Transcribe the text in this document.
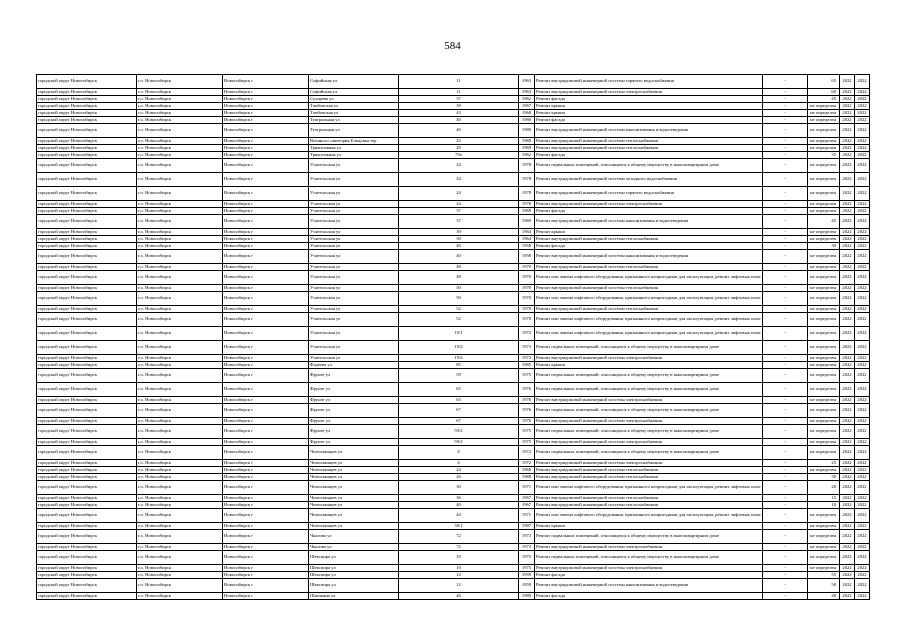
584
городской округ Новосибирск	г.о. Новосибирск	Новосибирск г	Софийская ул	11	1963	Ремонт внутридомовой инженерной системы горячего водоснабжения	-	65	2022	2022
городской округ Новосибирск	г.о. Новосибирск	Новосибирск г	Софийская ул	11	1963	Ремонт внутридомовой инженерной системы электроснабжения	-	60	2022	2022
городской округ Новосибирск	г.о. Новосибирск	Новосибирск г	Сухарева ул	37	1962	Ремонт фасада	-	45	2022	2022
городской округ Новосибирск	г.о. Новосибирск	Новосибирск г	Тамбовская ул	39	1967	Ремонт крыши	-	не определен	2022	2022
городской округ Новосибирск	г.о. Новосибирск	Новосибирск г	Тамбовская ул	43	1968	Ремонт крыши	-	не определен	2022	2022
городской округ Новосибирск	г.о. Новосибирск	Новосибирск г	Театральная ул	40	1980	Ремонт фасада	-	не определен	2022	2022
городской округ Новосибирск	г.о. Новосибирск	Новосибирск г	Театральная ул	40	1980	Ремонт внутридомовой инженерной системы канализования и водоотведения	-	не определен	2022	2022
городской округ Новосибирск	г.о. Новосибирск	Новосибирск г	Военного санатория Ельцовка тер	23	1960	Ремонт внутридомовой инженерной системы теплоснабжения	-	не определен	2022	2022
городской округ Новосибирск	г.о. Новосибирск	Новосибирск г	Трикотажная ул	29	1969	Ремонт внутридомовой инженерной системы теплоснабжения	-	не определен	2022	2022
городской округ Новосибирск	г.о. Новосибирск	Новосибирск г	Трикотажная ул	79а	1962	Ремонт фасада	-	35	2022	2022
городской округ Новосибирск	г.о. Новосибирск	Новосибирск г	Учительская ул	24	1978	Ремонт подвальных помещений, относящихся к общему имуществу в многоквартирном доме	-	не определен	2022	2022
городской округ Новосибирск	г.о. Новосибирск	Новосибирск г	Учительская ул	24	1978	Ремонт внутридомовой инженерной системы холодного водоснабжения	-	не определен	2022	2022
городской округ Новосибирск	г.о. Новосибирск	Новосибирск г	Учительская ул	24	1978	Ремонт внутридомовой инженерной системы горячего водоснабжения	-	не определен	2022	2022
городской округ Новосибирск	г.о. Новосибирск	Новосибирск г	Учительская ул	24	1978	Ремонт внутридомовой инженерной системы электроснабжения	-	не определен	2022	2022
городской округ Новосибирск	г.о. Новосибирск	Новосибирск г	Учительская ул	37	1969	Ремонт фасада	-	не определен	2022	2022
городской округ Новосибирск	г.о. Новосибирск	Новосибирск г	Учительская ул	37	1969	Ремонт внутридомовой инженерной системы канализования и водоотведения	-	45	2022	2022
городской округ Новосибирск	г.о. Новосибирск	Новосибирск г	Учительская ул	39	1964	Ремонт крыши	-	не определен	2022	2022
городской округ Новосибирск	г.о. Новосибирск	Новосибирск г	Учительская ул	39	1964	Ремонт внутридомовой инженерной системы теплоснабжения	-	не определен	2022	2022
городской округ Новосибирск	г.о. Новосибирск	Новосибирск г	Учительская ул	40	1958	Ремонт фасада	-	39	2022	2022
городской округ Новосибирск	г.о. Новосибирск	Новосибирск г	Учительская ул	40	1958	Ремонт внутридомовой инженерной системы канализования и водоотведения	-	не определен	2022	2022
городской округ Новосибирск	г.о. Новосибирск	Новосибирск г	Учительская ул	48	1970	Ремонт внутридомовой инженерной системы теплоснабжения	-	не определен	2022	2022
городской округ Новосибирск	г.о. Новосибирск	Новосибирск г	Учительская ул	48	1970	Ремонт или замена лифтового оборудования, признанного непригодным для эксплуатации, ремонт лифтовых шахт	-	не определен	2022	2022
городской округ Новосибирск	г.о. Новосибирск	Новосибирск г	Учительская ул	50	1970	Ремонт внутридомовой инженерной системы теплоснабжения	-	не определен	2022	2022
городской округ Новосибирск	г.о. Новосибирск	Новосибирск г	Учительская ул	50	1970	Ремонт или замена лифтового оборудования, признанного непригодным для эксплуатации, ремонт лифтовых шахт	-	не определен	2022	2022
городской округ Новосибирск	г.о. Новосибирск	Новосибирск г	Учительская ул	52	1970	Ремонт внутридомовой инженерной системы теплоснабжения	-	не определен	2022	2022
городской округ Новосибирск	г.о. Новосибирск	Новосибирск г	Учительская ул	52	1970	Ремонт или замена лифтового оборудования, признанного непригодным для эксплуатации, ремонт лифтовых шахт	-	не определен	2022	2022
городской округ Новосибирск	г.о. Новосибирск	Новосибирск г	Учительская ул	19/1	1972	Ремонт или замена лифтового оборудования, признанного непригодным для эксплуатации, ремонт лифтовых шахт	-	не определен	2022	2022
городской округ Новосибирск	г.о. Новосибирск	Новосибирск г	Учительская ул	19/2	1973	Ремонт подвальных помещений, относящихся к общему имуществу в многоквартирном доме	-	не определен	2022	2022
городской округ Новосибирск	г.о. Новосибирск	Новосибирск г	Учительская ул	19/2	1973	Ремонт внутридомовой инженерной системы электроснабжения	-	не определен	2022	2022
городской округ Новосибирск	г.о. Новосибирск	Новосибирск г	Фадеева ул	85	1985	Ремонт крыши	-	не определен	2022	2022
городской округ Новосибирск	г.о. Новосибирск	Новосибирск г	Фрунзе ул	59	1975	Ремонт подвальных помещений, относящихся к общему имуществу в многоквартирном доме	-	не определен	2022	2022
городской округ Новосибирск	г.о. Новосибирск	Новосибирск г	Фрунзе ул	65	1976	Ремонт подвальных помещений, относящихся к общему имуществу в многоквартирном доме	-	не определен	2022	2022
городской округ Новосибирск	г.о. Новосибирск	Новосибирск г	Фрунзе ул	65	1976	Ремонт внутридомовой инженерной системы электроснабжения	-	не определен	2022	2022
городской округ Новосибирск	г.о. Новосибирск	Новосибирск г	Фрунзе ул	67	1976	Ремонт подвальных помещений, относящихся к общему имуществу в многоквартирном доме	-	не определен	2022	2022
городской округ Новосибирск	г.о. Новосибирск	Новосибирск г	Фрунзе ул	67	1976	Ремонт внутридомовой инженерной системы электроснабжения	-	не определен	2022	2022
городской округ Новосибирск	г.о. Новосибирск	Новосибирск г	Фрунзе ул	59/2	1975	Ремонт подвальных помещений, относящихся к общему имуществу в многоквартирном доме	-	не определен	2022	2022
городской округ Новосибирск	г.о. Новосибирск	Новосибирск г	Фрунзе ул	59/2	1975	Ремонт внутридомовой инженерной системы электроснабжения	-	не определен	2022	2022
городской округ Новосибирск	г.о. Новосибирск	Новосибирск г	Челюскинцев ул	4	1972	Ремонт подвальных помещений, относящихся к общему имуществу в многоквартирном доме	-	не определен	2022	2022
городской округ Новосибирск	г.о. Новосибирск	Новосибирск г	Челюскинцев ул	4	1972	Ремонт внутридомовой инженерной системы электроснабжения	-	25	2022	2022
городской округ Новосибирск	г.о. Новосибирск	Новосибирск г	Челюскинцев ул	24	1968	Ремонт внутридомовой инженерной системы теплоснабжения	-	не определен	2022	2022
городской округ Новосибирск	г.о. Новосибирск	Новосибирск г	Челюскинцев ул	26	1968	Ремонт внутридомовой инженерной системы теплоснабжения	-	30	2022	2022
городской округ Новосибирск	г.о. Новосибирск	Новосибирск г	Челюскинцев ул	30	1971	Ремонт или замена лифтового оборудования, признанного непригодным для эксплуатации, ремонт лифтовых шахт	-	20	2022	2022
городской округ Новосибирск	г.о. Новосибирск	Новосибирск г	Челюскинцев ул	36	1967	Ремонт внутридомовой инженерной системы теплоснабжения	-	15	2022	2022
городской округ Новосибирск	г.о. Новосибирск	Новосибирск г	Челюскинцев ул	40	1967	Ремонт внутридомовой инженерной системы теплоснабжения	-	10	2022	2022
городской округ Новосибирск	г.о. Новосибирск	Новосибирск г	Челюскинцев ул	44	1971	Ремонт или замена лифтового оборудования, признанного непригодным для эксплуатации, ремонт лифтовых шахт	-	не определен	2022	2022
городской округ Новосибирск	г.о. Новосибирск	Новосибирск г	Челюскинцев ул	30/1	1987	Ремонт крыши	-	не определен	2022	2022
городской округ Новосибирск	г.о. Новосибирск	Новосибирск г	Чкалова ул	72	1973	Ремонт подвальных помещений, относящихся к общему имуществу в многоквартирном доме	-	не определен	2022	2022
городской округ Новосибирск	г.о. Новосибирск	Новосибирск г	Чкалова ул	72	1973	Ремонт внутридомовой инженерной системы электроснабжения	-	не определен	2022	2022
городской округ Новосибирск	г.о. Новосибирск	Новосибирск г	Шекспира ул	10	1975	Ремонт подвальных помещений, относящихся к общему имуществу в многоквартирном доме	-	не определен	2022	2022
городской округ Новосибирск	г.о. Новосибирск	Новосибирск г	Шекспира ул	10	1975	Ремонт внутридомовой инженерной системы электроснабжения	-	не определен	2022	2022
городской округ Новосибирск	г.о. Новосибирск	Новосибирск г	Шекспира ул	12	1959	Ремонт фасада	-	55	2022	2022
городской округ Новосибирск	г.о. Новосибирск	Новосибирск г	Шекспира ул	12	1959	Ремонт внутридомовой инженерной системы канализования и водоотведения	-	50	2022	2022
городской округ Новосибирск	г.о. Новосибирск	Новосибирск г	Шишкина ул	46	1980	Ремонт фасада	-	40	2022	2022
